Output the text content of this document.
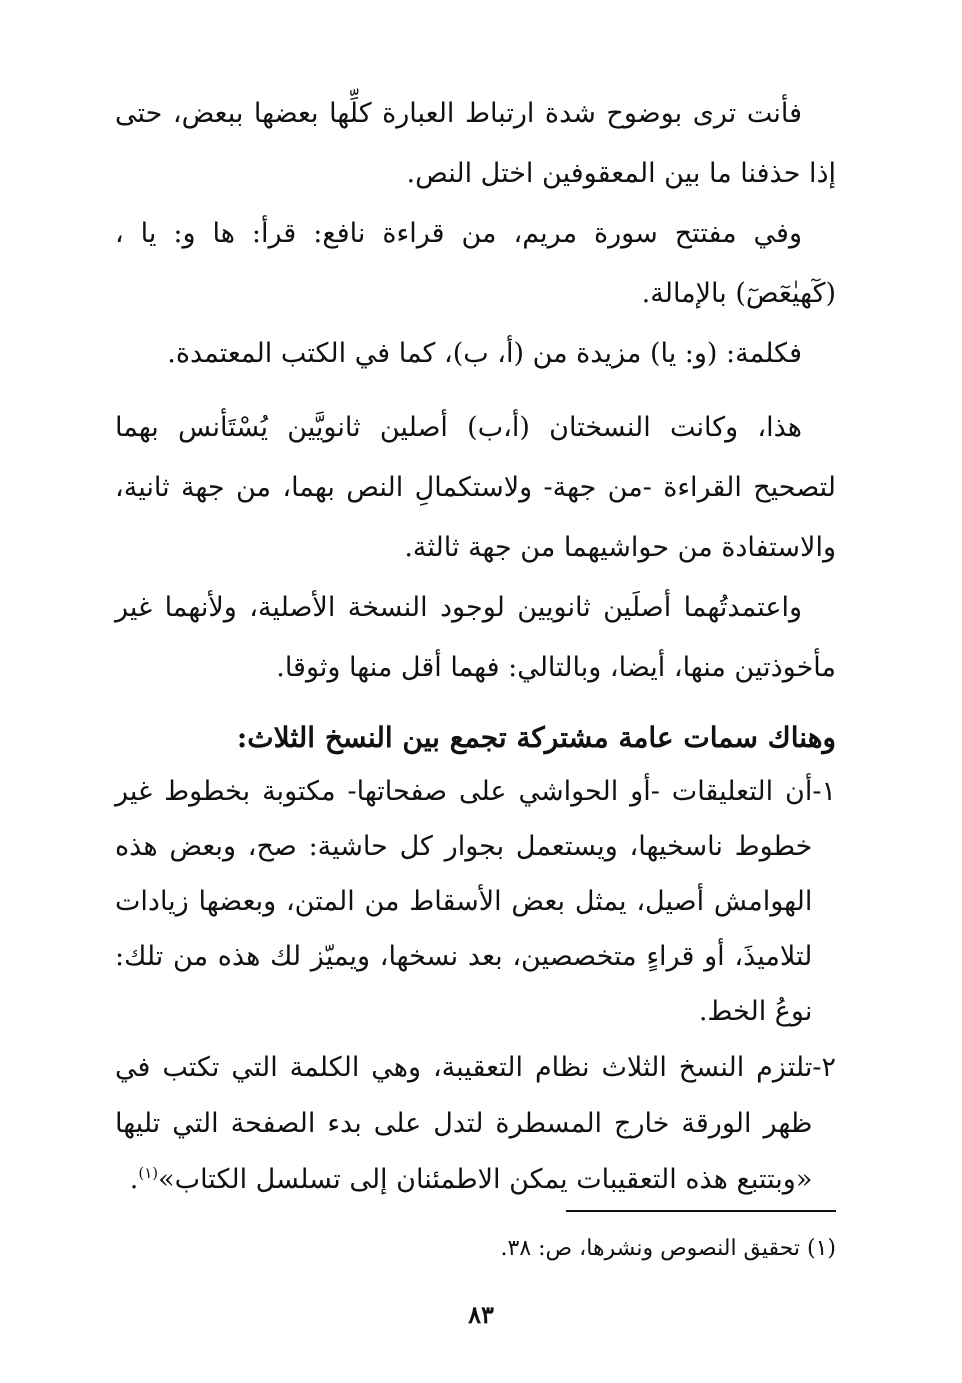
فأنت ترى بوضوح شدة ارتباط العبارة كلِّها بعضها ببعض، حتى إذا حذفنا ما بين المعقوفين اختل النص.

وفي مفتتح سورة مريم، من قراءة نافع: قرأ: ها و: يا ، (كٓهيٰعٓصٓ) بالإمالة.

فكلمة: (و: يا) مزيدة من (أ، ب)، كما في الكتب المعتمدة.

هذا، وكانت النسختان (أ،ب) أصلين ثانويَّين يُسْتَأنس بهما لتصحيح القراءة -من جهة- ولاستكمالِ النص بهما، من جهة ثانية، والاستفادة من حواشيهما من جهة ثالثة.

واعتمدتُهما أصلَين ثانويين لوجود النسخة الأصلية، ولأنهما غير مأخوذتين منها، أيضا، وبالتالي: فهما أقل منها وثوقا.

وهناك سمات عامة مشتركة تجمع بين النسخ الثلاث:

١-
أن التعليقات -أو الحواشي على صفحاتها- مكتوبة بخطوط غير خطوط ناسخيها، ويستعمل بجوار كل حاشية: صح، وبعض هذه الهوامش أصيل، يمثل بعض الأسقاط من المتن، وبعضها زيادات لتلاميذَ، أو قراءٍ متخصصين، بعد نسخها، ويميّز لك هذه من تلك: نوعُ الخط.
٢-
تلتزم النسخ الثلاث نظام التعقيبة، وهي الكلمة التي تكتب في ظهر الورقة خارج المسطرة لتدل على بدء الصفحة التي تليها «وبتتبع هذه التعقيبات يمكن الاطمئنان إلى تسلسل الكتاب»$^{(١)}$.

(١) تحقيق النصوص ونشرها، ص: ٣٨.

٨٣
